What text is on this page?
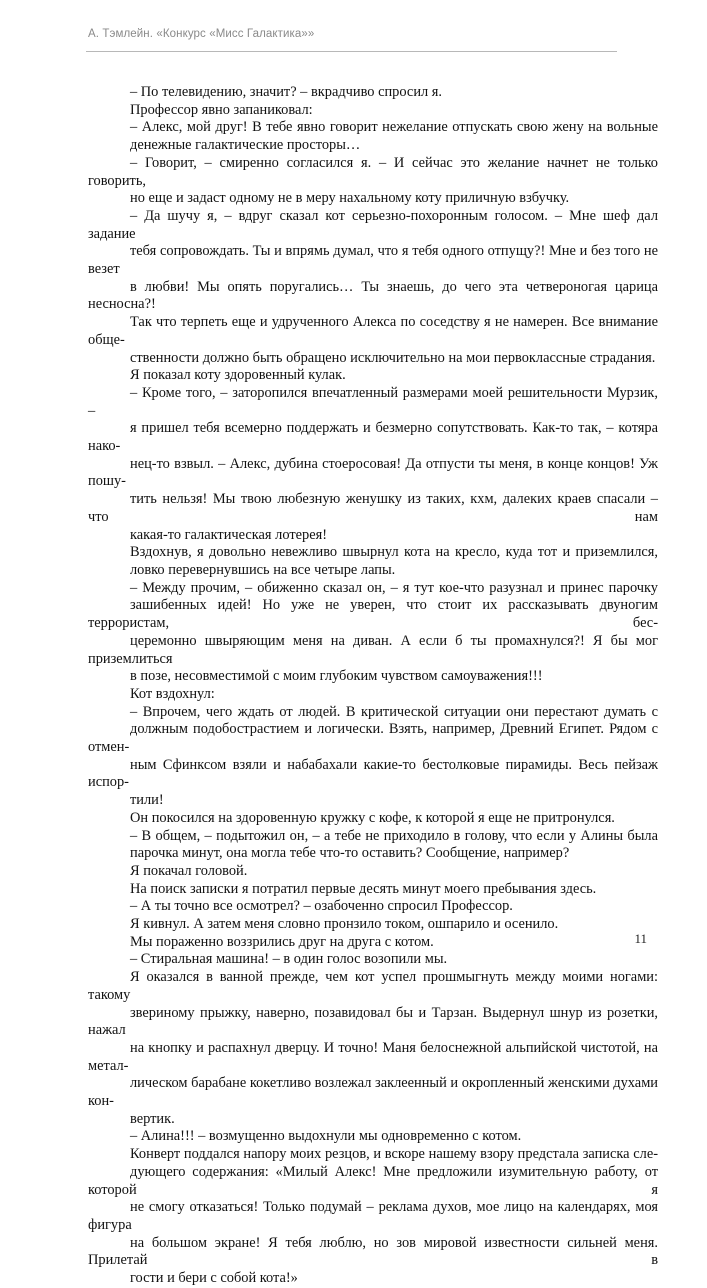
А. Тэмлейн. «Конкурс «Мисс Галактика»»

– По телевидению, значит? – вкрадчиво спросил я.

Профессор явно запаниковал:

– Алекс, мой друг! В тебе явно говорит нежелание отпускать свою жену на вольные
денежные галактические просторы…

– Говорит, – смиренно согласился я. – И сейчас это желание начнет не только говорить,
но еще и задаст одному не в меру нахальному коту приличную взбучку.

– Да шучу я, – вдруг сказал кот серьезно-похоронным голосом. – Мне шеф дал задание
тебя сопровождать. Ты и впрямь думал, что я тебя одного отпущу?! Мне и без того не везет
в любви! Мы опять поругались… Ты знаешь, до чего эта четвероногая царица несносна?!
Так что терпеть еще и удрученного Алекса по соседству я не намерен. Все внимание обще-
ственности должно быть обращено исключительно на мои первоклассные страдания.

Я показал коту здоровенный кулак.

– Кроме того, – заторопился впечатленный размерами моей решительности Мурзик, –
я пришел тебя всемерно поддержать и безмерно сопутствовать. Как-то так, – котяра нако-
нец-то взвыл. – Алекс, дубина стоеросовая! Да отпусти ты меня, в конце концов! Уж пошу-
тить нельзя! Мы твою любезную женушку из таких, кхм, далеких краев спасали – что нам
какая-то галактическая лотерея!

Вздохнув, я довольно невежливо швырнул кота на кресло, куда тот и приземлился,
ловко перевернувшись на все четыре лапы.

– Между прочим, – обиженно сказал он, – я тут кое-что разузнал и принес парочку
зашибенных идей! Но уже не уверен, что стоит их рассказывать двуногим террористам, бес-
церемонно швыряющим меня на диван. А если б ты промахнулся?! Я бы мог приземлиться
в позе, несовместимой с моим глубоким чувством самоуважения!!!

Кот вздохнул:

– Впрочем, чего ждать от людей. В критической ситуации они перестают думать с
должным подобострастием и логически. Взять, например, Древний Египет. Рядом с отмен-
ным Сфинксом взяли и набабахали какие-то бестолковые пирамиды. Весь пейзаж испор-
тили!

Он покосился на здоровенную кружку с кофе, к которой я еще не притронулся.

– В общем, – подытожил он, – а тебе не приходило в голову, что если у Алины была
парочка минут, она могла тебе что-то оставить? Сообщение, например?

Я покачал головой.

На поиск записки я потратил первые десять минут моего пребывания здесь.

– А ты точно все осмотрел? – озабоченно спросил Профессор.

Я кивнул. А затем меня словно пронзило током, ошпарило и осенило.

Мы пораженно воззрились друг на друга с котом.

– Стиральная машина! – в один голос возопили мы.

Я оказался в ванной прежде, чем кот успел прошмыгнуть между моими ногами: такому
звериному прыжку, наверно, позавидовал бы и Тарзан. Выдернул шнур из розетки, нажал
на кнопку и распахнул дверцу. И точно! Маня белоснежной альпийской чистотой, на метал-
лическом барабане кокетливо возлежал заклеенный и окропленный женскими духами кон-
вертик.

– Алина!!! – возмущенно выдохнули мы одновременно с котом.

Конверт поддался напору моих резцов, и вскоре нашему взору предстала записка сле-
дующего содержания: «Милый Алекс! Мне предложили изумительную работу, от которой я
не смогу отказаться! Только подумай – реклама духов, мое лицо на календарях, моя фигура
на большом экране! Я тебя люблю, но зов мировой известности сильней меня. Прилетай в
гости и бери с собой кота!»

11
